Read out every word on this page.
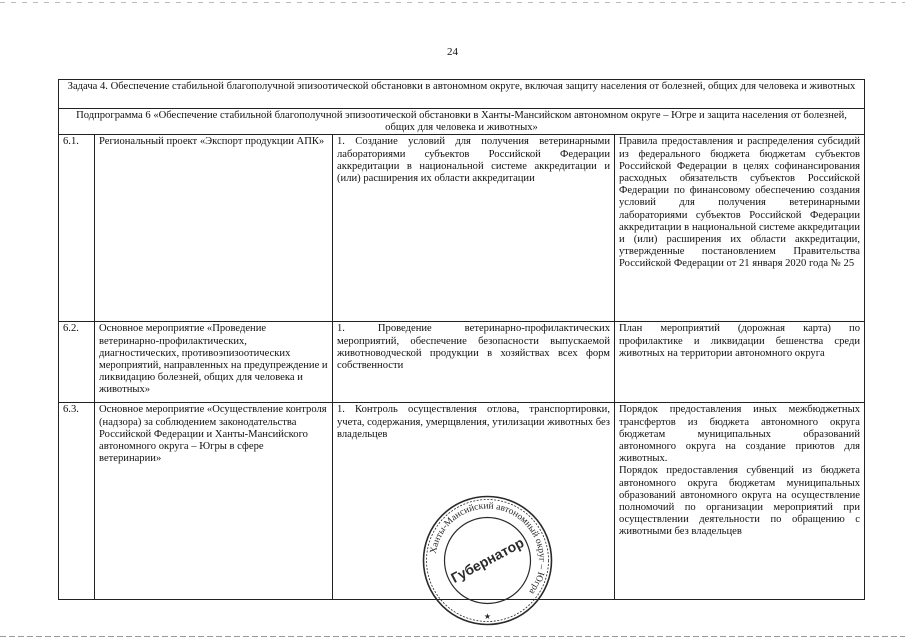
24
Задача 4. Обеспечение стабильной благополучной эпизоотической обстановки в автономном округе, включая защиту населения от болезней, общих для человека и животных			
Подпрограмма 6 «Обеспечение стабильной благополучной эпизоотической обстановки в Ханты-Мансийском автономном округе – Югре и защита населения от болезней, общих для человека и животных»			
6.1.	Региональный проект «Экспорт продукции АПК»	1. Создание условий для получения ветеринарными лабораториями субъектов Российской Федерации аккредитации в национальной системе аккредитации и (или) расширения их области аккредитации	Правила предоставления и распределения субсидий из федерального бюджета бюджетам субъектов Российской Федерации в целях софинансирования расходных обязательств субъектов Российской Федерации по финансовому обеспечению создания условий для получения ветеринарными лабораториями субъектов Российской Федерации аккредитации в национальной системе аккредитации и (или) расширения их области аккредитации, утвержденные постановлением Правительства Российской Федерации от 21 января 2020 года № 25

6.2.	Основное мероприятие «Проведение ветеринарно-профилактических, диагностических, противоэпизоотических мероприятий, направленных на предупреждение и ликвидацию болезней, общих для человека и животных»	1. Проведение ветеринарно-профилактических мероприятий, обеспечение безопасности выпускаемой животноводческой продукции в хозяйствах всех форм собственности	План мероприятий (дорожная карта) по профилактике и ликвидации бешенства среди животных на территории автономного округа

6.3.	Основное мероприятие «Осуществление контроля (надзора) за соблюдением законодательства Российской Федерации и Ханты-Мансийского автономного округа – Югры в сфере ветеринарии»	1. Контроль осуществления отлова, транспортировки, учета, содержания, умерщвления, утилизации животных без владельцев	Порядок предоставления иных межбюджетных трансфертов из бюджета автономного округа бюджетам муниципальных образований автономного округа на создание приютов для животных.
Порядок предоставления субвенций из бюджета автономного округа бюджетам муниципальных образований автономного округа на осуществление полномочий по организации мероприятий при осуществлении деятельности по обращению с животными без владельцев
Ханты-Мансийский автономный округ – Югра
Губернатор
★
